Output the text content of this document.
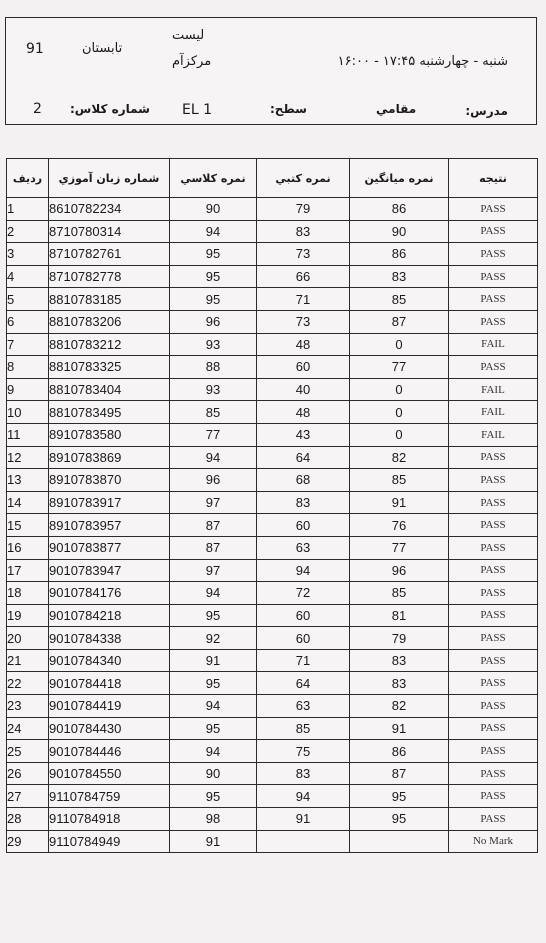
لیست
مرکزآم
91	تابستان
شنبه - چهارشنبه ۱۷:۴۵ - ۱۶:۰۰
2 شماره کلاس: EL 1	سطح:	مقامي	مدرس:
رديف	شماره زبان آموزي	نمره كلاسي	نمره كتبي	نمره ميانگين	نتيجه
1	8610782234	90	79	86	PASS
2	8710780314	94	83	90	PASS
3	8710782761	95	73	86	PASS
4	8710782778	95	66	83	PASS
5	8810783185	95	71	85	PASS
6	8810783206	96	73	87	PASS
7	8810783212	93	48	0	FAIL
8	8810783325	88	60	77	PASS
9	8810783404	93	40	0	FAIL
10	8810783495	85	48	0	FAIL
11	8910783580	77	43	0	FAIL
12	8910783869	94	64	82	PASS
13	8910783870	96	68	85	PASS
14	8910783917	97	83	91	PASS
15	8910783957	87	60	76	PASS
16	9010783877	87	63	77	PASS
17	9010783947	97	94	96	PASS
18	9010784176	94	72	85	PASS
19	9010784218	95	60	81	PASS
20	9010784338	92	60	79	PASS
21	9010784340	91	71	83	PASS
22	9010784418	95	64	83	PASS
23	9010784419	94	63	82	PASS
24	9010784430	95	85	91	PASS
25	9010784446	94	75	86	PASS
26	9010784550	90	83	87	PASS
27	9110784759	95	94	95	PASS
28	9110784918	98	91	95	PASS
29	9110784949	91			No Mark
